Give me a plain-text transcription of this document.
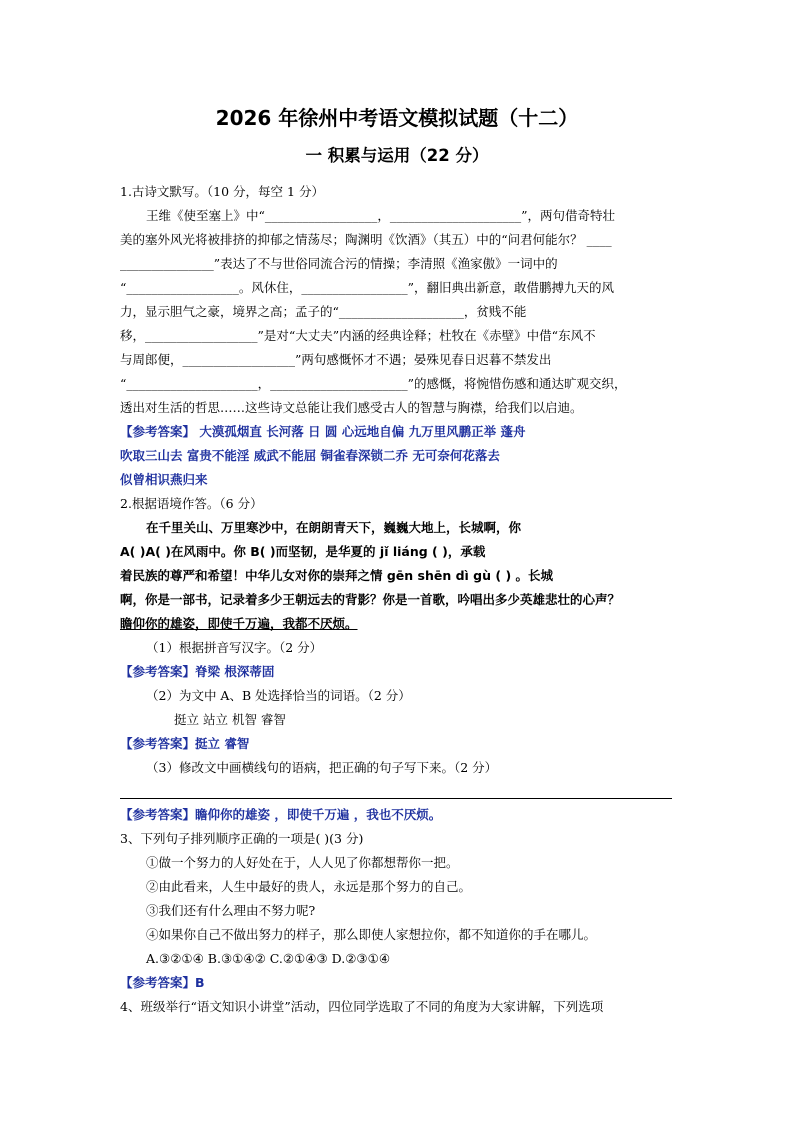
2026 年徐州中考语文模拟试题（十二）
一 积累与运用（22 分）
1.古诗文默写。（10 分，每空 1 分）
王维《使至塞上》中“__________________，_____________________”，两句借奇特壮
美的塞外风光将被排挤的抑郁之情荡尽；陶渊明《饮酒》（其五）中的“问君何能尔？ ____
_______________”表达了不与世俗同流合污的情操；李清照《渔家傲》一词中的
“__________________。风休住，_________________”，翻旧典出新意，敢借鹏搏九天的风
力，显示胆气之豪，境界之高；孟子的“____________________，贫贱不能
移，__________________”是对“大丈夫”内涵的经典诠释；杜牧在《赤壁》中借“东风不
与周郎便，__________________”两句感慨怀才不遇；晏殊见春日迟暮不禁发出
“_____________________，______________________”的感慨，将惋惜伤感和通达旷观交织，
透出对生活的哲思……这些诗文总能让我们感受古人的智慧与胸襟，给我们以启迪。
【参考答案】 大漠孤烟直 长河落 日 圆 心远地自偏 九万里风鹏正举 蓬舟
吹取三山去 富贵不能淫 威武不能屈 铜雀春深锁二乔 无可奈何花落去
似曾相识燕归来
2.根据语境作答。（6 分）
在千里关山、万里寒沙中，在朗朗青天下，巍巍大地上，长城啊，你
A( )A( )在风雨中。你 B( )而坚韧，是华夏的 jǐ liáng ( )，承载
着民族的尊严和希望！中华儿女对你的崇拜之情 gēn shēn dì gù ( ) 。长城
啊，你是一部书，记录着多少王朝远去的背影？你是一首歌，吟唱出多少英雄悲壮的心声？
瞻仰你的雄姿，即使千万遍，我都不厌烦。
（1）根据拼音写汉字。（2 分）
【参考答案】脊梁 根深蒂固
（2）为文中 A、B 处选择恰当的词语。（2 分）
挺立 站立 机智 睿智
【参考答案】挺立 睿智
（3）修改文中画横线句的语病，把正确的句子写下来。（2 分）
【参考答案】瞻仰你的雄姿 ，即使千万遍 ，我也不厌烦。
3、下列句子排列顺序正确的一项是( )(3 分)
①做一个努力的人好处在于，人人见了你都想帮你一把。
②由此看来，人生中最好的贵人，永远是那个努力的自己。
③我们还有什么理由不努力呢?
④如果你自己不做出努力的样子，那么即使人家想拉你，都不知道你的手在哪儿。
A.③②①④ B.③①④② C.②①④③ D.②③①④
【参考答案】B
4、班级举行“语文知识小讲堂”活动，四位同学选取了不同的角度为大家讲解，下列选项
